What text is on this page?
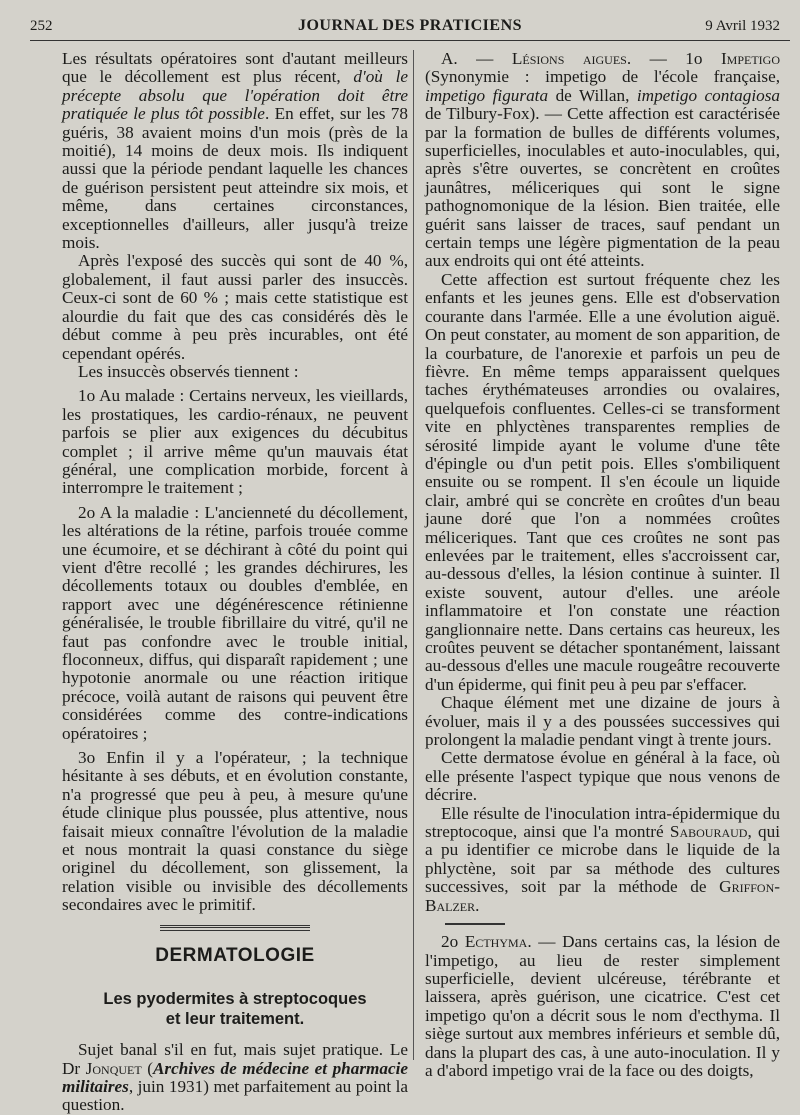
252	JOURNAL DES PRATICIENS	9 Avril 1932

Les résultats opératoires sont d'autant meilleurs que le décollement est plus récent, d'où le précepte absolu que l'opération doit être pratiquée le plus tôt possible. En effet, sur les 78 guéris, 38 avaient moins d'un mois (près de la moitié), 14 moins de deux mois. Ils indiquent aussi que la période pendant laquelle les chances de guérison persistent peut atteindre six mois, et même, dans certaines circonstances, exceptionnelles d'ailleurs, aller jusqu'à treize mois.

Après l'exposé des succès qui sont de 40 %, globalement, il faut aussi parler des insuccès. Ceux-ci sont de 60 % ; mais cette statistique est alourdie du fait que des cas considérés dès le début comme à peu près incurables, ont été cependant opérés.

Les insuccès observés tiennent :

1o Au malade : Certains nerveux, les vieillards, les prostatiques, les cardio-rénaux, ne peuvent parfois se plier aux exigences du décubitus complet ; il arrive même qu'un mauvais état général, une complication morbide, forcent à interrompre le traitement ;

2o A la maladie : L'ancienneté du décollement, les altérations de la rétine, parfois trouée comme une écumoire, et se déchirant à côté du point qui vient d'être recollé ; les grandes déchirures, les décollements totaux ou doubles d'emblée, en rapport avec une dégénérescence rétinienne généralisée, le trouble fibrillaire du vitré, qu'il ne faut pas confondre avec le trouble initial, floconneux, diffus, qui disparaît rapidement ; une hypotonie anormale ou une réaction iritique précoce, voilà autant de raisons qui peuvent être considérées comme des contre-indications opératoires ;

3o Enfin il y a l'opérateur, ; la technique hésitante à ses débuts, et en évolution constante, n'a progressé que peu à peu, à mesure qu'une étude clinique plus poussée, plus attentive, nous faisait mieux connaître l'évolution de la maladie et nous montrait la quasi constance du siège originel du décollement, son glissement, la relation visible ou invisible des décollements secondaires avec le primitif.

DERMATOLOGIE
Les pyodermites à streptocoques
et leur traitement.

Sujet banal s'il en fut, mais sujet pratique. Le Dr Jonquet (Archives de médecine et pharmacie militaires, juin 1931) met parfaitement au point la question.

A. — Lésions aigues. — 1o Impetigo (Synonymie : impetigo de l'école française, impetigo figurata de Willan, impetigo contagiosa de Tilbury-Fox). — Cette affection est caractérisée par la formation de bulles de différents volumes, superficielles, inoculables et auto-inoculables, qui, après s'être ouvertes, se concrètent en croûtes jaunâtres, méliceriques qui sont le signe pathognomonique de la lésion. Bien traitée, elle guérit sans laisser de traces, sauf pendant un certain temps une légère pigmentation de la peau aux endroits qui ont été atteints.

Cette affection est surtout fréquente chez les enfants et les jeunes gens. Elle est d'observation courante dans l'armée. Elle a une évolution aiguë. On peut constater, au moment de son apparition, de la courbature, de l'anorexie et parfois un peu de fièvre. En même temps apparaissent quelques taches érythémateuses arrondies ou ovalaires, quelquefois confluentes. Celles-ci se transforment vite en phlyctènes transparentes remplies de sérosité limpide ayant le volume d'une tête d'épingle ou d'un petit pois. Elles s'ombiliquent ensuite ou se rompent. Il s'en écoule un liquide clair, ambré qui se concrète en croûtes d'un beau jaune doré que l'on a nommées croûtes méliceriques. Tant que ces croûtes ne sont pas enlevées par le traitement, elles s'accroissent car, au-dessous d'elles, la lésion continue à suinter. Il existe souvent, autour d'elles. une aréole inflammatoire et l'on constate une réaction ganglionnaire nette. Dans certains cas heureux, les croûtes peuvent se détacher spontanément, laissant au-dessous d'elles une macule rougeâtre recouverte d'un épiderme, qui finit peu à peu par s'effacer.

Chaque élément met une dizaine de jours à évoluer, mais il y a des poussées successives qui prolongent la maladie pendant vingt à trente jours.

Cette dermatose évolue en général à la face, où elle présente l'aspect typique que nous venons de décrire.

Elle résulte de l'inoculation intra-épidermique du streptocoque, ainsi que l'a montré Sabouraud, qui a pu identifier ce microbe dans le liquide de la phlyctène, soit par sa méthode des cultures successives, soit par la méthode de Griffon-Balzer.

2o Ecthyma. — Dans certains cas, la lésion de l'impetigo, au lieu de rester simplement superficielle, devient ulcéreuse, térébrante et laissera, après guérison, une cicatrice. C'est cet impetigo qu'on a décrit sous le nom d'ecthyma. Il siège surtout aux membres inférieurs et semble dû, dans la plupart des cas, à une auto-inoculation. Il y a d'abord impetigo vrai de la face ou des doigts,
